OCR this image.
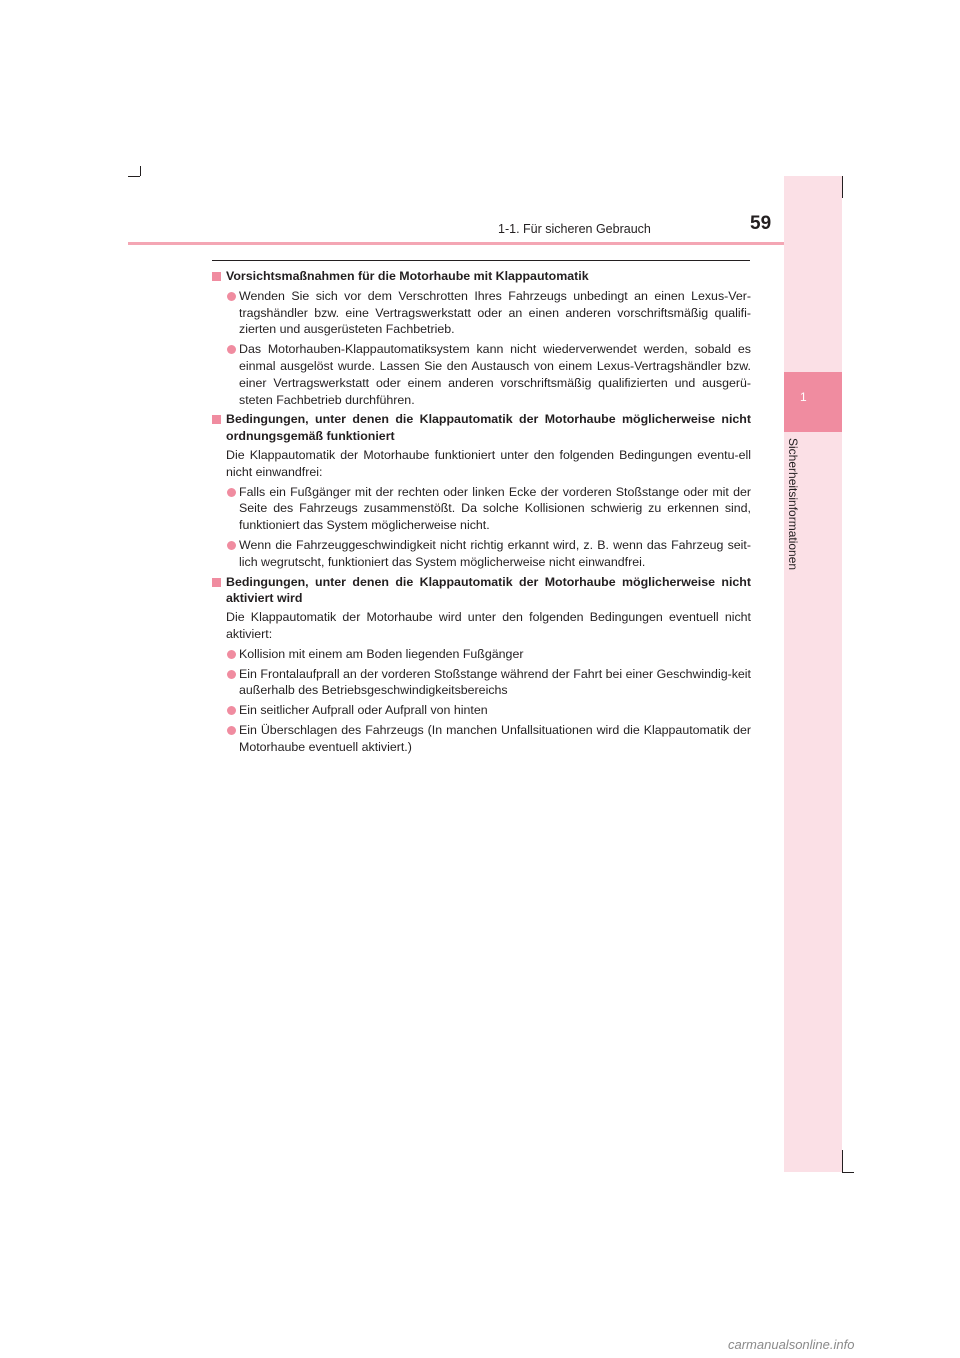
1
Sicherheitsinformationen
1-1. Für sicheren Gebrauch	59
Vorsichtsmaßnahmen für die Motorhaube mit Klappautomatik
Wenden Sie sich vor dem Verschrotten Ihres Fahrzeugs unbedingt an einen Lexus-Ver-tragshändler bzw. eine Vertragswerkstatt oder an einen anderen vorschriftsmäßig qualifi-zierten und ausgerüsteten Fachbetrieb.
Das Motorhauben-Klappautomatiksystem kann nicht wiederverwendet werden, sobald es einmal ausgelöst wurde. Lassen Sie den Austausch von einem Lexus-Vertragshändler bzw. einer Vertragswerkstatt oder einem anderen vorschriftsmäßig qualifizierten und ausgerü-steten Fachbetrieb durchführen.
Bedingungen, unter denen die Klappautomatik der Motorhaube möglicherweise nicht ordnungsgemäß funktioniert
Die Klappautomatik der Motorhaube funktioniert unter den folgenden Bedingungen eventu-ell nicht einwandfrei:
Falls ein Fußgänger mit der rechten oder linken Ecke der vorderen Stoßstange oder mit der Seite des Fahrzeugs zusammenstößt. Da solche Kollisionen schwierig zu erkennen sind, funktioniert das System möglicherweise nicht.
Wenn die Fahrzeuggeschwindigkeit nicht richtig erkannt wird, z. B. wenn das Fahrzeug seit-lich wegrutscht, funktioniert das System möglicherweise nicht einwandfrei.
Bedingungen, unter denen die Klappautomatik der Motorhaube möglicherweise nicht aktiviert wird
Die Klappautomatik der Motorhaube wird unter den folgenden Bedingungen eventuell nicht aktiviert:
Kollision mit einem am Boden liegenden Fußgänger
Ein Frontalaufprall an der vorderen Stoßstange während der Fahrt bei einer Geschwindig-keit außerhalb des Betriebsgeschwindigkeitsbereichs
Ein seitlicher Aufprall oder Aufprall von hinten
Ein Überschlagen des Fahrzeugs (In manchen Unfallsituationen wird die Klappautomatik der Motorhaube eventuell aktiviert.)
carmanualsonline.info
